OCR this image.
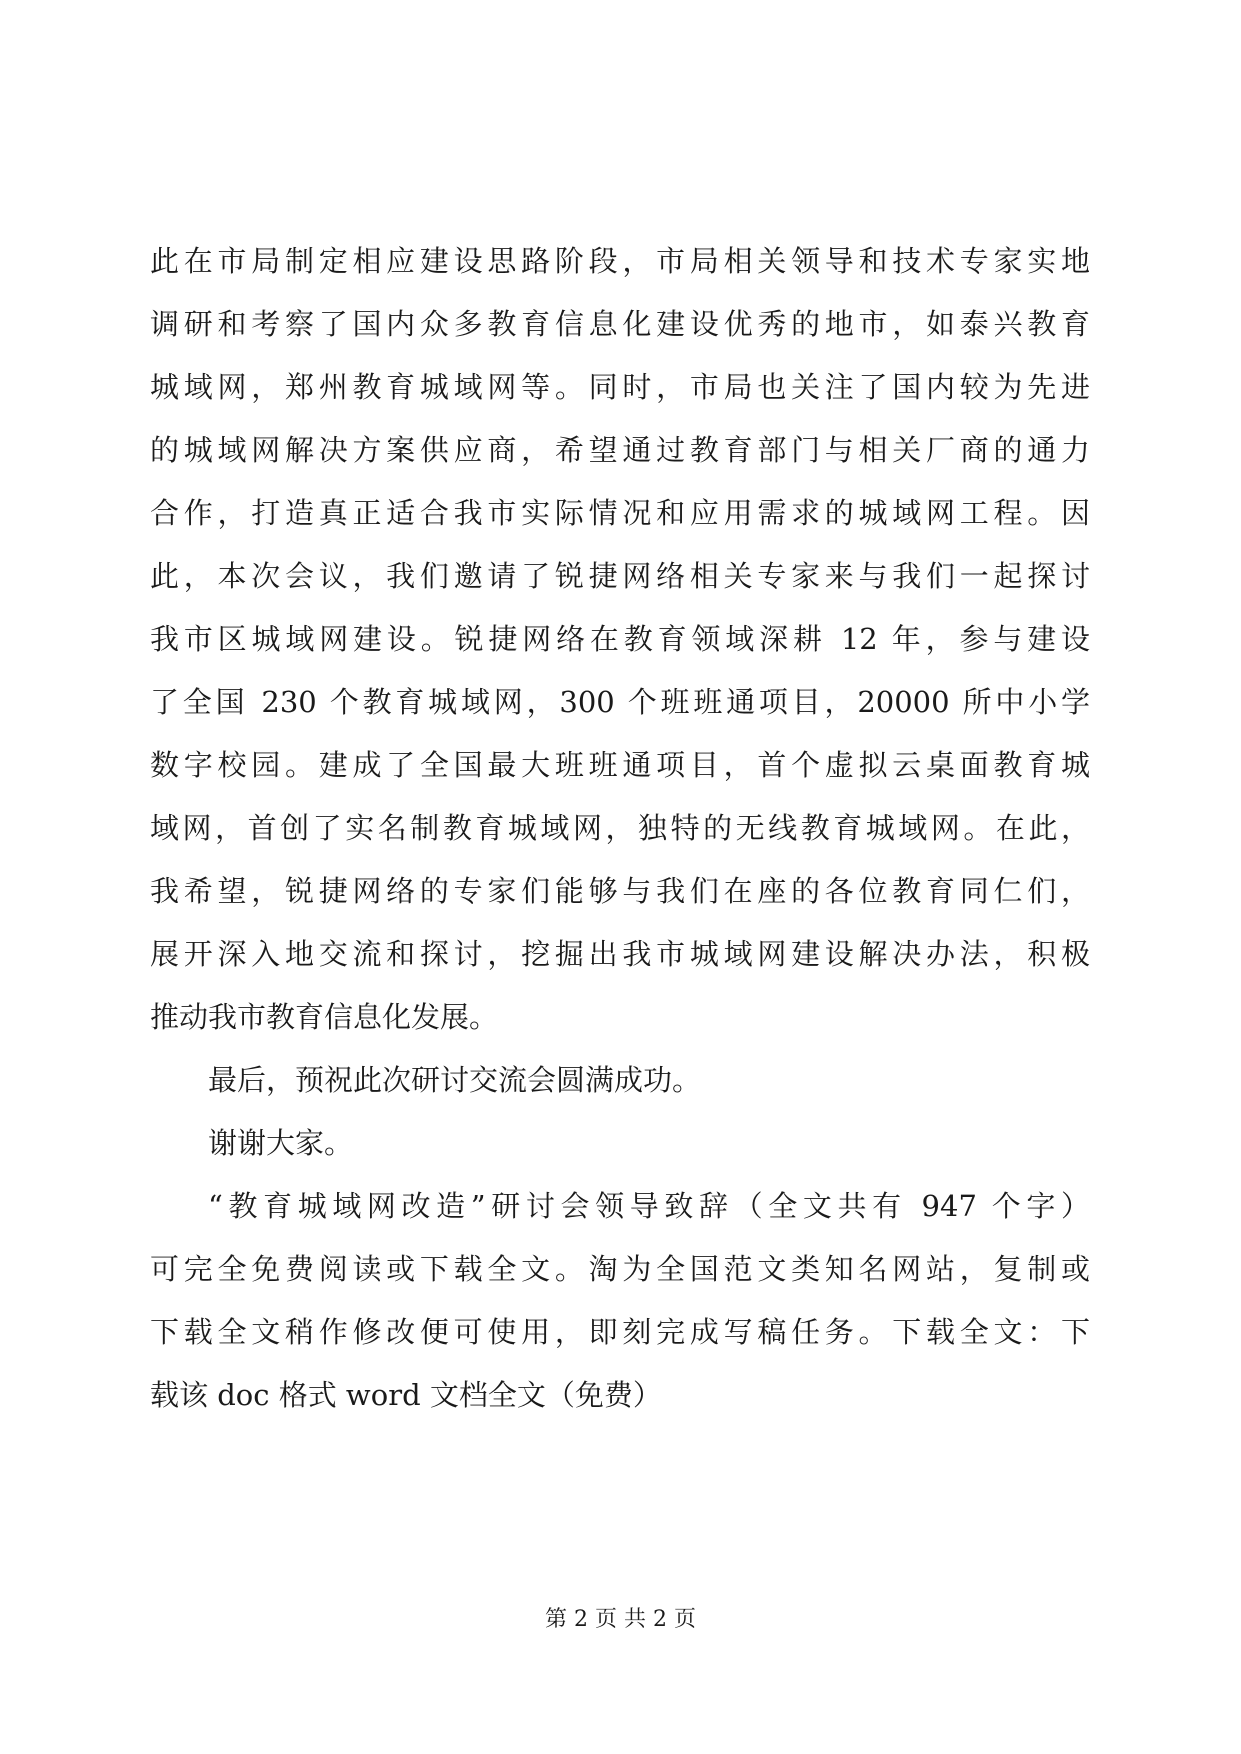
此在市局制定相应建设思路阶段，市局相关领导和技术专家实地
调研和考察了国内众多教育信息化建设优秀的地市，如泰兴教育
城域网，郑州教育城域网等。同时，市局也关注了国内较为先进
的城域网解决方案供应商，希望通过教育部门与相关厂商的通力
合作，打造真正适合我市实际情况和应用需求的城域网工程。因
此，本次会议，我们邀请了锐捷网络相关专家来与我们一起探讨
我市区城域网建设。锐捷网络在教育领域深耕 12 年，参与建设
了全国 230 个教育城域网，300 个班班通项目，20000 所中小学
数字校园。建成了全国最大班班通项目，首个虚拟云桌面教育城
域网，首创了实名制教育城域网，独特的无线教育城域网。在此，
我希望，锐捷网络的专家们能够与我们在座的各位教育同仁们，
展开深入地交流和探讨，挖掘出我市城域网建设解决办法，积极
推动我市教育信息化发展。
最后，预祝此次研讨交流会圆满成功。
谢谢大家。
“教育城域网改造”研讨会领导致辞（全文共有 947 个字）
可完全免费阅读或下载全文。淘为全国范文类知名网站，复制或
下载全文稍作修改便可使用，即刻完成写稿任务。下载全文：下
载该 doc 格式 word 文档全文（免费）
第 2 页 共 2 页
